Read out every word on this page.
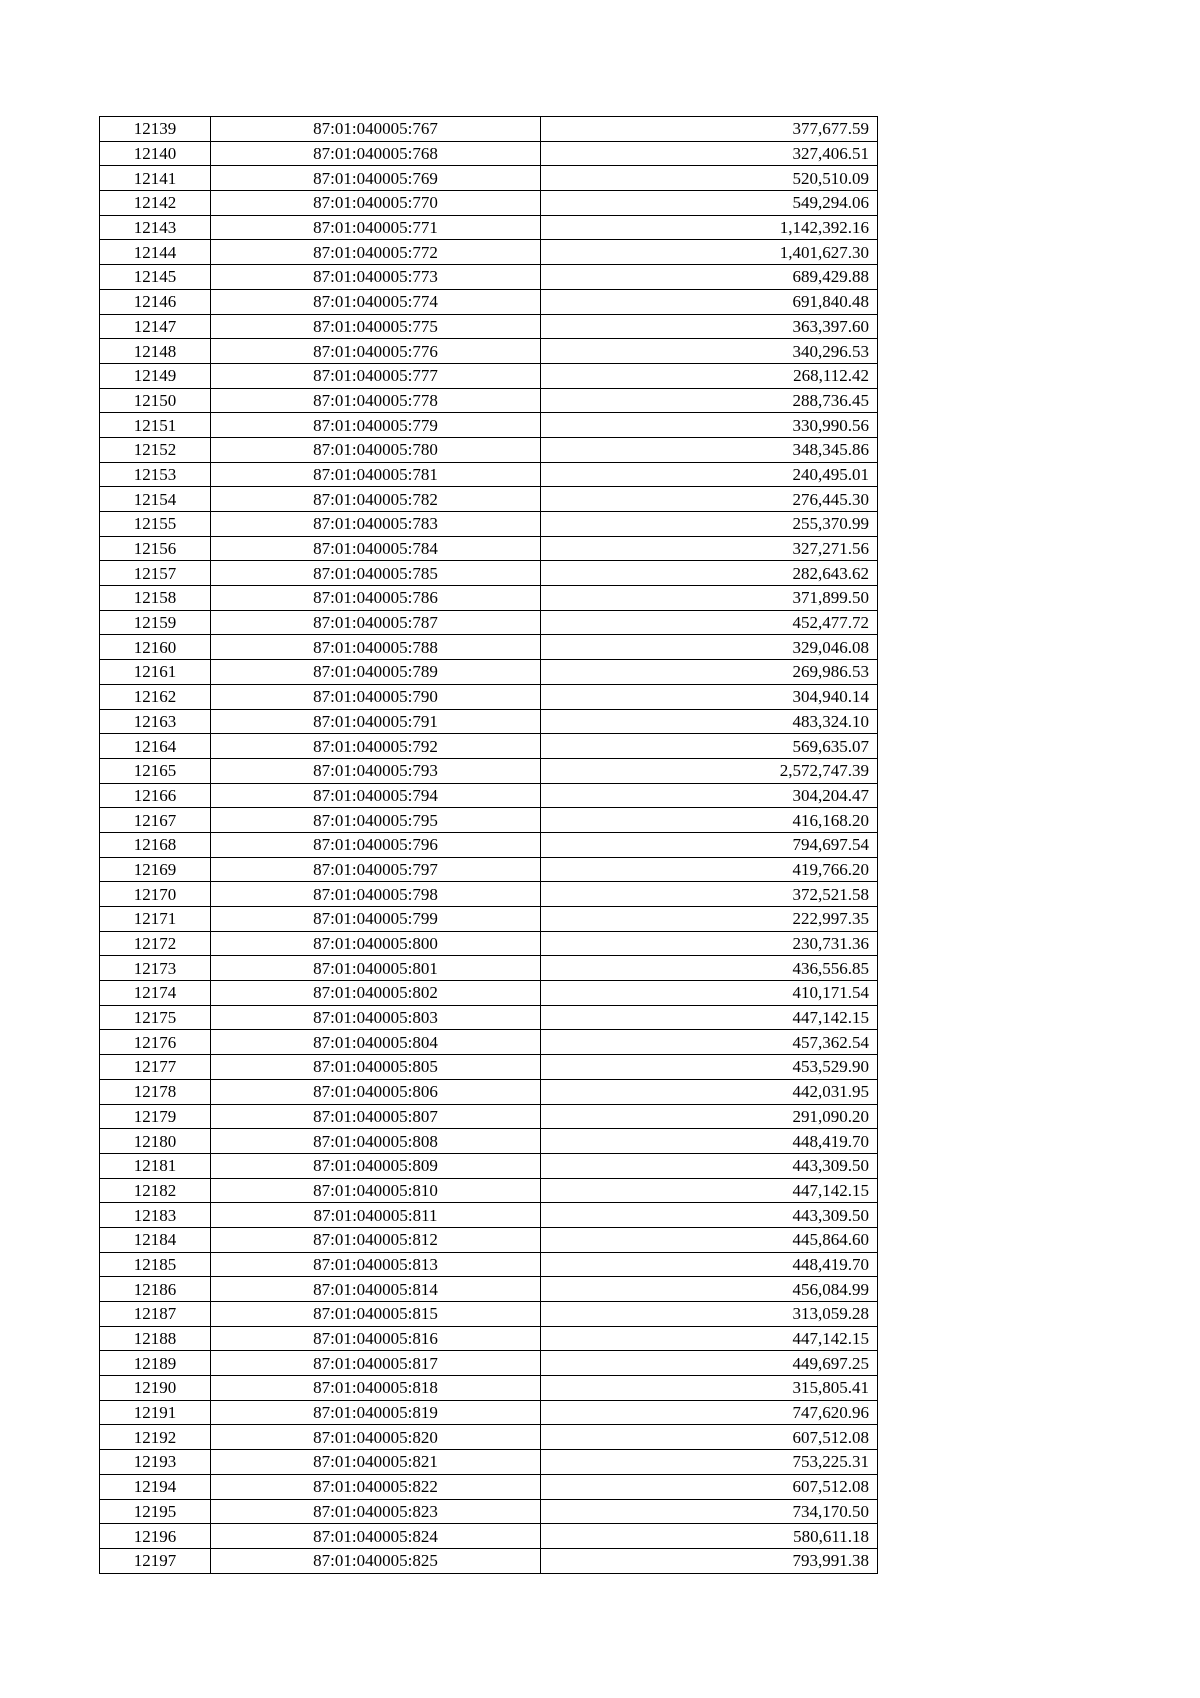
12139	87:01:040005:767	377,677.59
12140	87:01:040005:768	327,406.51
12141	87:01:040005:769	520,510.09
12142	87:01:040005:770	549,294.06
12143	87:01:040005:771	1,142,392.16
12144	87:01:040005:772	1,401,627.30
12145	87:01:040005:773	689,429.88
12146	87:01:040005:774	691,840.48
12147	87:01:040005:775	363,397.60
12148	87:01:040005:776	340,296.53
12149	87:01:040005:777	268,112.42
12150	87:01:040005:778	288,736.45
12151	87:01:040005:779	330,990.56
12152	87:01:040005:780	348,345.86
12153	87:01:040005:781	240,495.01
12154	87:01:040005:782	276,445.30
12155	87:01:040005:783	255,370.99
12156	87:01:040005:784	327,271.56
12157	87:01:040005:785	282,643.62
12158	87:01:040005:786	371,899.50
12159	87:01:040005:787	452,477.72
12160	87:01:040005:788	329,046.08
12161	87:01:040005:789	269,986.53
12162	87:01:040005:790	304,940.14
12163	87:01:040005:791	483,324.10
12164	87:01:040005:792	569,635.07
12165	87:01:040005:793	2,572,747.39
12166	87:01:040005:794	304,204.47
12167	87:01:040005:795	416,168.20
12168	87:01:040005:796	794,697.54
12169	87:01:040005:797	419,766.20
12170	87:01:040005:798	372,521.58
12171	87:01:040005:799	222,997.35
12172	87:01:040005:800	230,731.36
12173	87:01:040005:801	436,556.85
12174	87:01:040005:802	410,171.54
12175	87:01:040005:803	447,142.15
12176	87:01:040005:804	457,362.54
12177	87:01:040005:805	453,529.90
12178	87:01:040005:806	442,031.95
12179	87:01:040005:807	291,090.20
12180	87:01:040005:808	448,419.70
12181	87:01:040005:809	443,309.50
12182	87:01:040005:810	447,142.15
12183	87:01:040005:811	443,309.50
12184	87:01:040005:812	445,864.60
12185	87:01:040005:813	448,419.70
12186	87:01:040005:814	456,084.99
12187	87:01:040005:815	313,059.28
12188	87:01:040005:816	447,142.15
12189	87:01:040005:817	449,697.25
12190	87:01:040005:818	315,805.41
12191	87:01:040005:819	747,620.96
12192	87:01:040005:820	607,512.08
12193	87:01:040005:821	753,225.31
12194	87:01:040005:822	607,512.08
12195	87:01:040005:823	734,170.50
12196	87:01:040005:824	580,611.18
12197	87:01:040005:825	793,991.38
